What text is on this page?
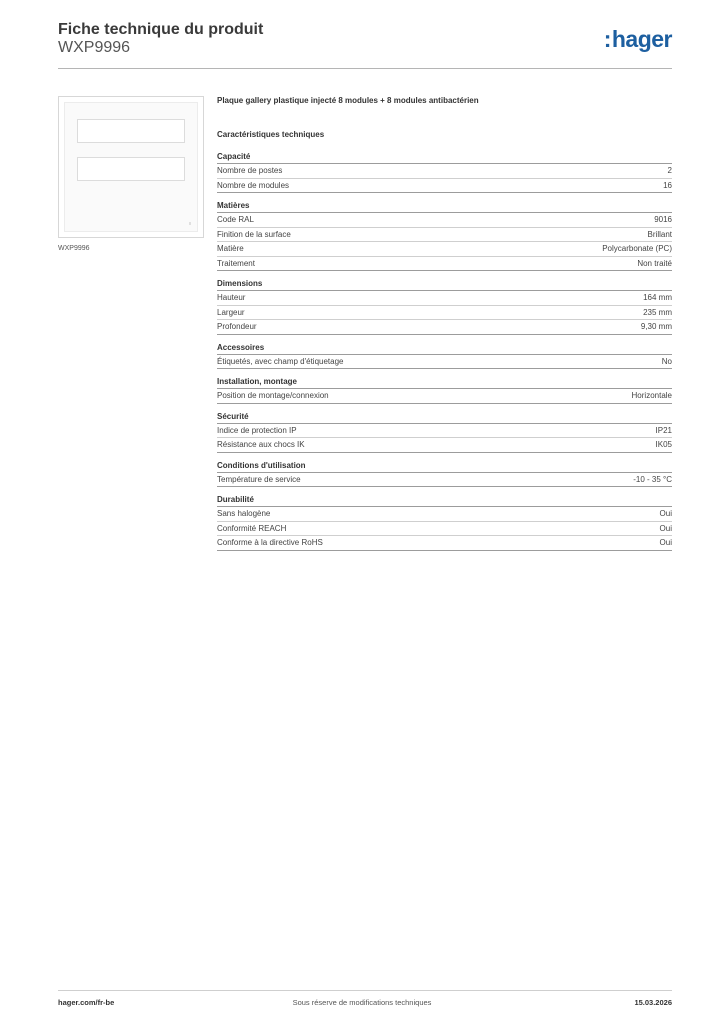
Fiche technique du produit
WXP9996	:hager
WXP9996
Plaque gallery plastique injecté 8 modules + 8 modules antibactérien
Caractéristiques techniques
Capacité
Nombre de postes	2
Nombre de modules	16
Matières
Code RAL	9016
Finition de la surface	Brillant
Matière	Polycarbonate (PC)
Traitement	Non traité
Dimensions
Hauteur	164 mm
Largeur	235 mm
Profondeur	9,30 mm
Accessoires
Étiquetés, avec champ d'étiquetage	No
Installation, montage
Position de montage/connexion	Horizontale
Sécurité
Indice de protection IP	IP21
Résistance aux chocs IK	IK05
Conditions d'utilisation
Température de service	-10 - 35 °C
Durabilité
Sans halogène	Oui
Conformité REACH	Oui
Conforme à la directive RoHS	Oui
hager.com/fr-be	Sous réserve de modifications techniques	15.03.2026
